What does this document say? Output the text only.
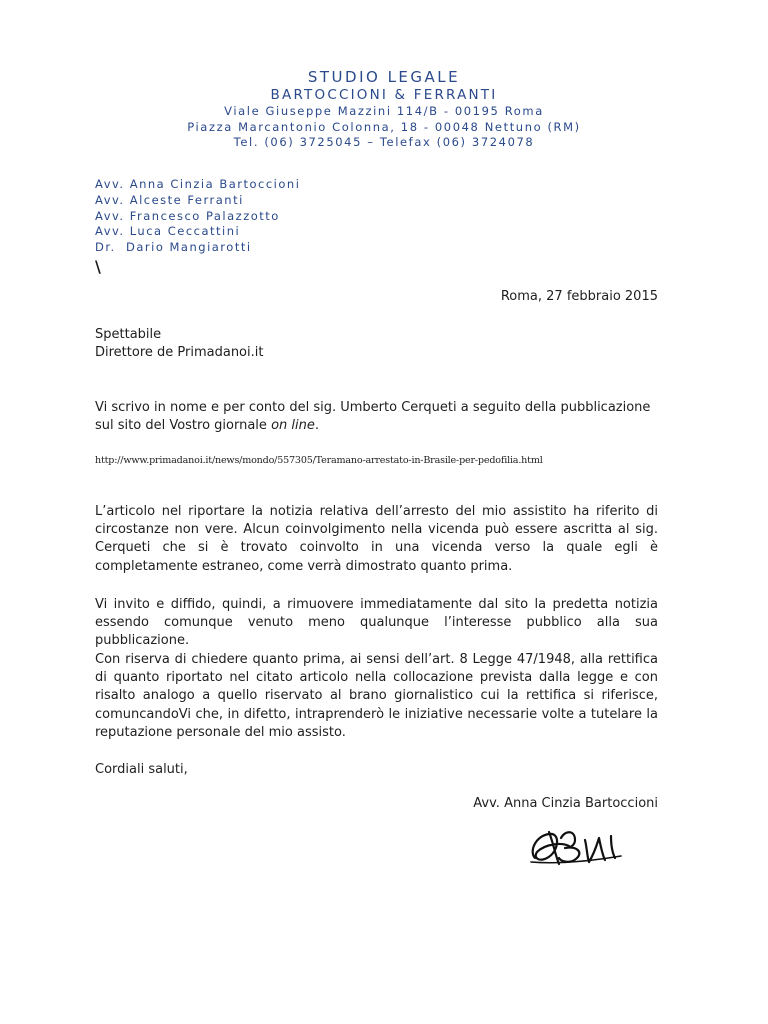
STUDIO LEGALE
BARTOCCIONI & FERRANTI
Viale Giuseppe Mazzini 114/B - 00195 Roma
Piazza Marcantonio Colonna, 18 - 00048 Nettuno (RM)
Tel. (06) 3725045 – Telefax (06) 3724078
Avv. Anna Cinzia Bartoccioni
Avv. Alceste Ferranti
Avv. Francesco Palazzotto
Avv. Luca Ceccattini
Dr.  Dario Mangiarotti
\
Roma, 27 febbraio 2015
Spettabile
Direttore de Primadanoi.it
Vi scrivo in nome e per conto del sig. Umberto Cerqueti a seguito della pubblicazione sul sito del Vostro giornale on line.
http://www.primadanoi.it/news/mondo/557305/Teramano-arrestato-in-Brasile-per-pedofilia.html
L’articolo nel riportare la notizia relativa dell’arresto del mio assistito ha riferito di circostanze non vere. Alcun coinvolgimento nella vicenda può essere ascritta al sig. Cerqueti che si è trovato coinvolto in una vicenda verso la quale egli è completamente estraneo, come verrà dimostrato quanto prima.
Vi invito e diffido, quindi, a rimuovere immediatamente dal sito la predetta notizia essendo comunque venuto meno qualunque l’interesse pubblico alla sua pubblicazione.
Con riserva di chiedere quanto prima, ai sensi dell’art. 8 Legge 47/1948, alla rettifica di quanto riportato nel citato articolo nella collocazione prevista dalla legge e con risalto analogo a quello riservato al brano giornalistico cui la rettifica si riferisce, comuncandoVi che, in difetto, intraprenderò le iniziative necessarie volte a tutelare la reputazione personale del mio assisto.
Cordiali saluti,
Avv. Anna Cinzia Bartoccioni
